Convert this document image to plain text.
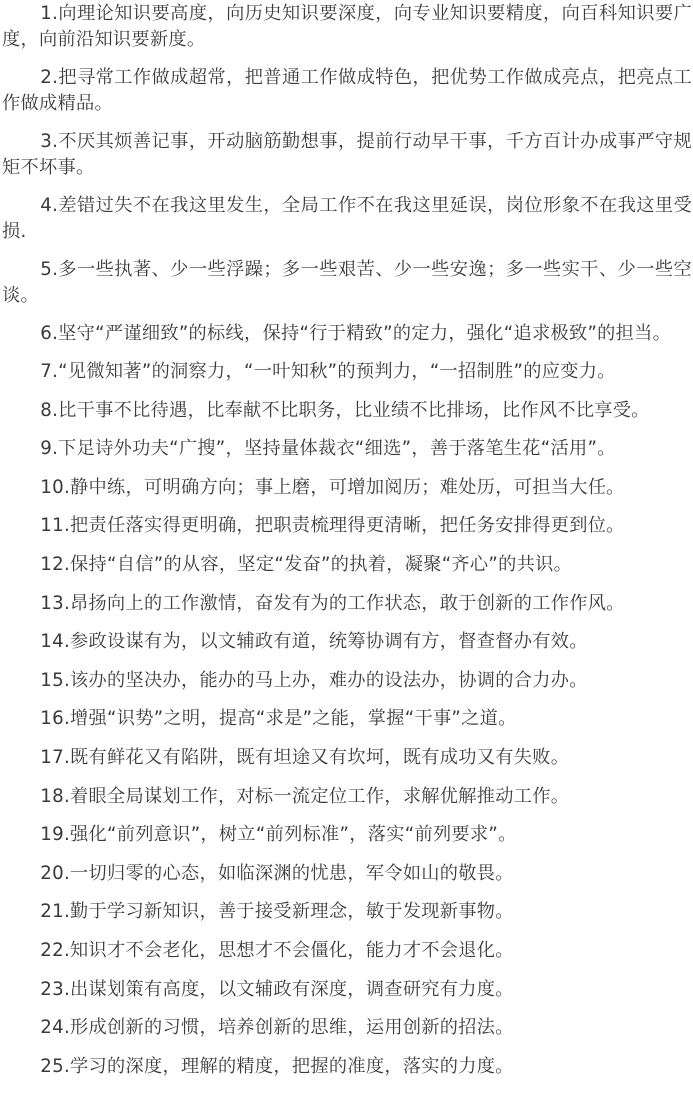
1.向理论知识要高度，向历史知识要深度，向专业知识要精度，向百科知识要广度，向前沿知识要新度。

2.把寻常工作做成超常，把普通工作做成特色，把优势工作做成亮点，把亮点工作做成精品。

3.不厌其烦善记事，开动脑筋勤想事，提前行动早干事，千方百计办成事严守规矩不坏事。

4.差错过失不在我这里发生，全局工作不在我这里延误，岗位形象不在我这里受损.

5.多一些执著、少一些浮躁；多一些艰苦、少一些安逸；多一些实干、少一些空谈。

6.坚守“严谨细致”的标线，保持“行于精致”的定力，强化“追求极致”的担当。

7.“见微知著”的洞察力，“一叶知秋”的预判力，“一招制胜”的应变力。

8.比干事不比待遇，比奉献不比职务，比业绩不比排场，比作风不比享受。

9.下足诗外功夫“广搜”，坚持量体裁衣“细选”，善于落笔生花“活用”。

10.静中练，可明确方向；事上磨，可增加阅历；难处历，可担当大任。

11.把责任落实得更明确，把职责梳理得更清晰，把任务安排得更到位。

12.保持“自信”的从容，坚定“发奋”的执着，凝聚“齐心”的共识。

13.昂扬向上的工作激情，奋发有为的工作状态，敢于创新的工作作风。

14.参政设谋有为，以文辅政有道，统筹协调有方，督查督办有效。

15.该办的坚决办，能办的马上办，难办的设法办，协调的合力办。

16.增强“识势”之明，提高“求是”之能，掌握“干事”之道。

17.既有鲜花又有陷阱，既有坦途又有坎坷，既有成功又有失败。

18.着眼全局谋划工作，对标一流定位工作，求解优解推动工作。

19.强化“前列意识”，树立“前列标准”，落实“前列要求”。

20.一切归零的心态，如临深渊的忧患，军令如山的敬畏。

21.勤于学习新知识，善于接受新理念，敏于发现新事物。

22.知识才不会老化，思想才不会僵化，能力才不会退化。

23.出谋划策有高度，以文辅政有深度，调查研究有力度。

24.形成创新的习惯，培养创新的思维，运用创新的招法。

25.学习的深度，理解的精度，把握的准度，落实的力度。
